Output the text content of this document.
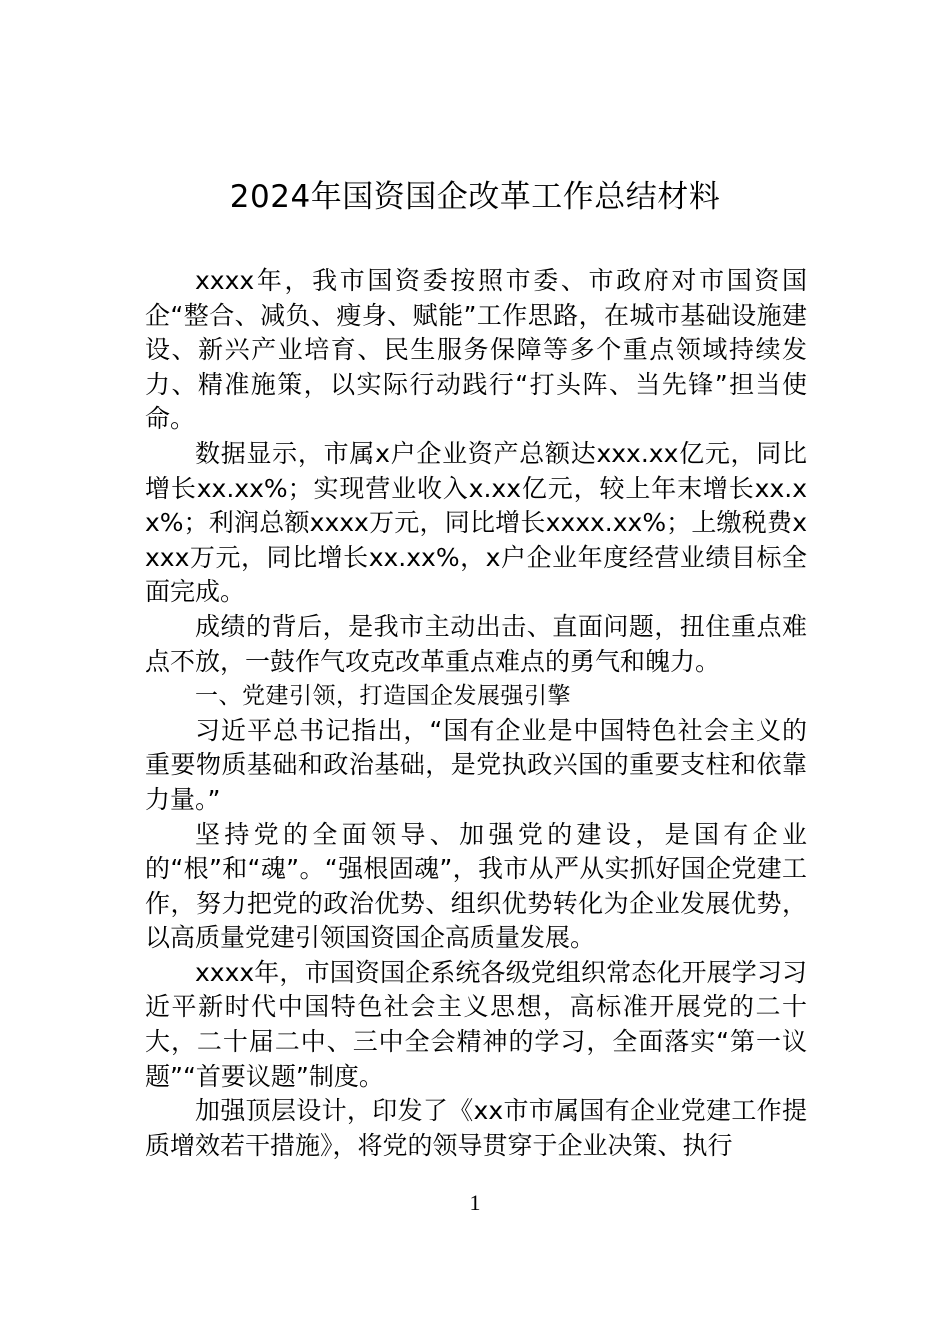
2024年国资国企改革工作总结材料

xxxx年，我市国资委按照市委、市政府对市国资国企“整合、减负、瘦身、赋能”工作思路，在城市基础设施建设、新兴产业培育、民生服务保障等多个重点领域持续发力、精准施策，以实际行动践行“打头阵、当先锋”担当使命。

数据显示，市属x户企业资产总额达xxx.xx亿元，同比增长xx.xx%；实现营业收入x.xx亿元，较上年末增长xx.xx%；利润总额xxxx万元，同比增长xxxx.xx%；上缴税费xxxx万元，同比增长xx.xx%，x户企业年度经营业绩目标全面完成。

成绩的背后，是我市主动出击、直面问题，扭住重点难点不放，一鼓作气攻克改革重点难点的勇气和魄力。

一、党建引领，打造国企发展强引擎

习近平总书记指出，“国有企业是中国特色社会主义的重要物质基础和政治基础，是党执政兴国的重要支柱和依靠力量。”

坚持党的全面领导、加强党的建设，是国有企业的“根”和“魂”。“强根固魂”，我市从严从实抓好国企党建工作，努力把党的政治优势、组织优势转化为企业发展优势，以高质量党建引领国资国企高质量发展。

xxxx年，市国资国企系统各级党组织常态化开展学习习近平新时代中国特色社会主义思想，高标准开展党的二十大，二十届二中、三中全会精神的学习，全面落实“第一议题”“首要议题”制度。

加强顶层设计，印发了《xx市市属国有企业党建工作提质增效若干措施》，将党的领导贯穿于企业决策、执行

1
